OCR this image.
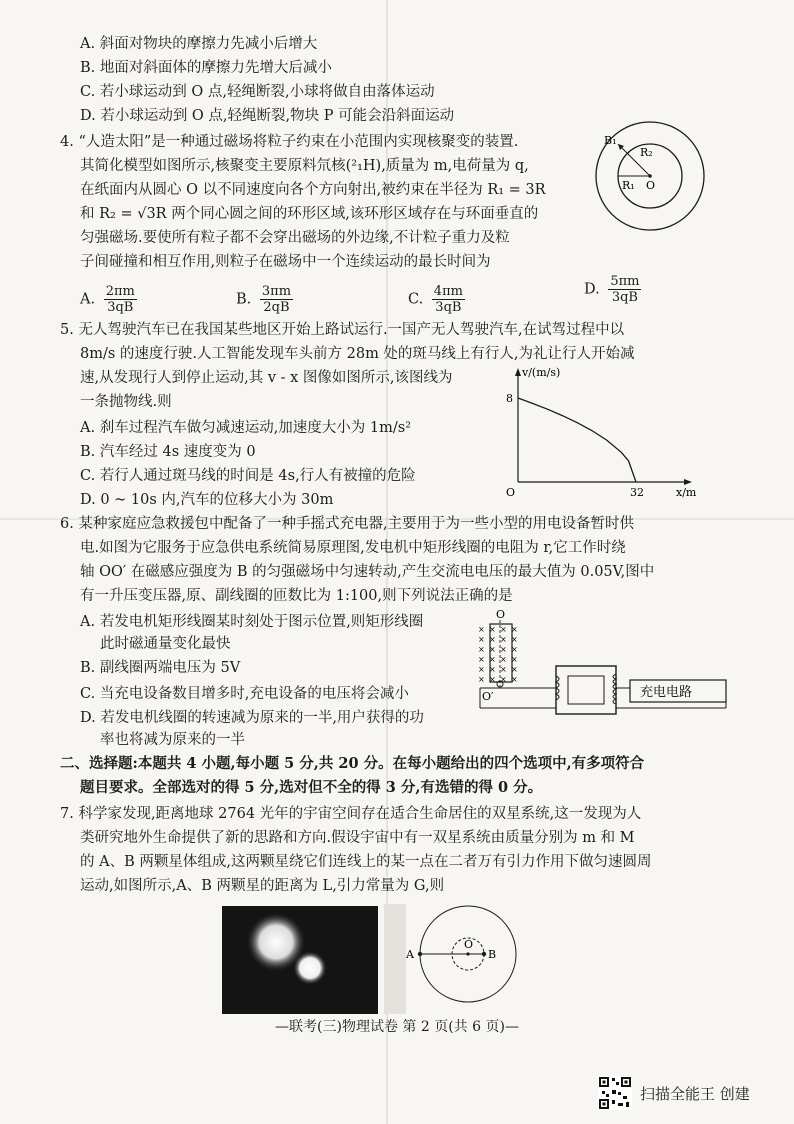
A. 斜面对物块的摩擦力先减小后增大
B. 地面对斜面体的摩擦力先增大后减小
C. 若小球运动到 O 点,轻绳断裂,小球将做自由落体运动
D. 若小球运动到 O 点,轻绳断裂,物块 P 可能会沿斜面运动
4. “人造太阳”是一种通过磁场将粒子约束在小范围内实现核聚变的装置.
其简化模型如图所示,核聚变主要原料氘核(²₁H),质量为 m,电荷量为 q,
在纸面内从圆心 O 以不同速度向各个方向射出,被约束在半径为 R₁ = 3R
和 R₂ = √3R 两个同心圆之间的环形区域,该环形区域存在与环面垂直的
匀强磁场.要使所有粒子都不会穿出磁场的外边缘,不计粒子重力及粒
子间碰撞和相互作用,则粒子在磁场中一个连续运动的最长时间为
A. $\frac{2\pi m}{3qB}$	B. $\frac{3\pi m}{2qB}$	C. $\frac{4\pi m}{3qB}$	D. $\frac{5\pi m}{3qB}$
B₁
R₂
R₁ O
5. 无人驾驶汽车已在我国某些地区开始上路试运行.一国产无人驾驶汽车,在试驾过程中以
8m/s 的速度行驶.人工智能发现车头前方 28m 处的斑马线上有行人,为礼让行人开始减
速,从发现行人到停止运动,其 v - x 图像如图所示,该图线为
一条抛物线.则
A. 刹车过程汽车做匀减速运动,加速度大小为 1m/s²
B. 汽车经过 4s 速度变为 0
C. 若行人通过斑马线的时间是 4s,行人有被撞的危险
D. 0 ~ 10s 内,汽车的位移大小为 30m
v/(m/s)
x/m
O
8
32
6. 某种家庭应急救援包中配备了一种手摇式充电器,主要用于为一些小型的用电设备暂时供
电.如图为它服务于应急供电系统简易原理图,发电机中矩形线圈的电阻为 r,它工作时绕
轴 OO′ 在磁感应强度为 B 的匀强磁场中匀速转动,产生交流电电压的最大值为 0.05V,图中
有一升压变压器,原、副线圈的匝数比为 1:100,则下列说法正确的是
A. 若发电机矩形线圈某时刻处于图示位置,则矩形线圈
此时磁通量变化最快
B. 副线圈两端电压为 5V
C. 当充电设备数目增多时,充电设备的电压将会减小
D. 若发电机线圈的转速减为原来的一半,用户获得的功
率也将减为原来的一半
O
× × × ×
× × × ×
× × × ×
× × × ×
× × × ×
× × × ×
O′	充电电路
二、选择题:本题共 4 小题,每小题 5 分,共 20 分。在每小题给出的四个选项中,有多项符合
题目要求。全部选对的得 5 分,选对但不全的得 3 分,有选错的得 0 分。
7. 科学家发现,距离地球 2764 光年的宇宙空间存在适合生命居住的双星系统,这一发现为人
类研究地外生命提供了新的思路和方向.假设宇宙中有一双星系统由质量分别为 m 和 M
的 A、B 两颗星体组成,这两颗星绕它们连线上的某一点在二者万有引力作用下做匀速圆周
运动,如图所示,A、B 两颗星的距离为 L,引力常量为 G,则
A
O
B
—联考(三)物理试卷 第 2 页(共 6 页)—
扫描全能王 创建
